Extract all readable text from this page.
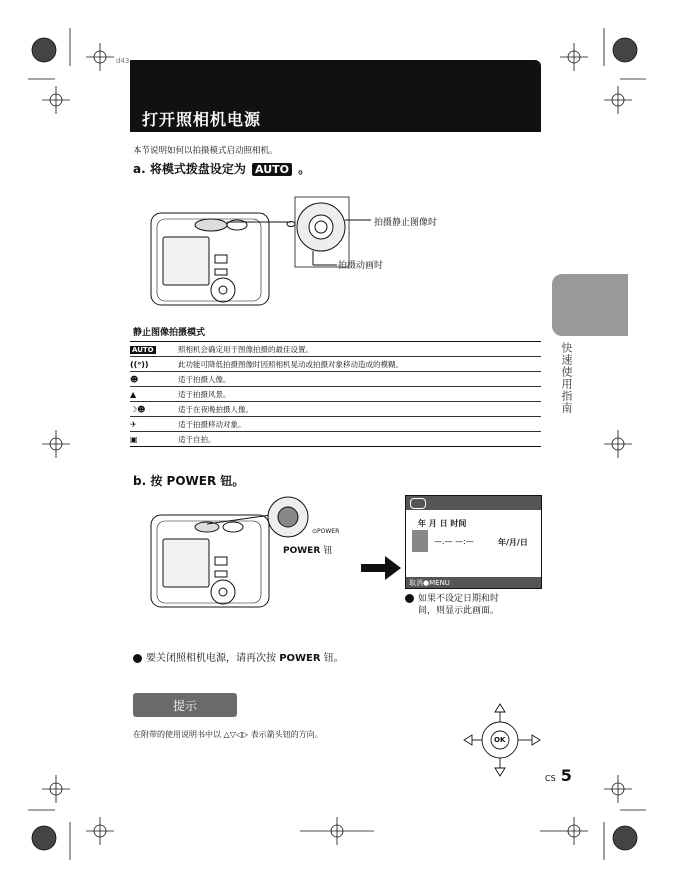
d43
打开照相机电源
本节说明如何以拍摄模式启动照相机。
a. 将模式拨盘设定为 AUTO 。
拍摄静止图像时
拍摄动画时
静止图像拍摄模式
AUTO	照相机会确定用于图像拍摄的最佳设置。
((ᵒ))	此功能可降低拍摄图像时因照相机晃动或拍摄对象移动造成的模糊。
☻	适于拍摄人像。
▲	适于拍摄风景。
☽☻	适于在夜晚拍摄人像。
✈	适于拍摄移动对象。
▣	适于自拍。
快速使用指南
b. 按 POWER 钮。
⊙POWER
POWER 钮
年 月 日 时间
—.— —:—	年/月/日
取消●MENU
如果不设定日期和时
间，则显示此画面。
要关闭照相机电源，请再次按 POWER 钮。
提示
在附带的使用说明书中以 △▽◁▷ 表示箭头钮的方向。
OK
CS 5
